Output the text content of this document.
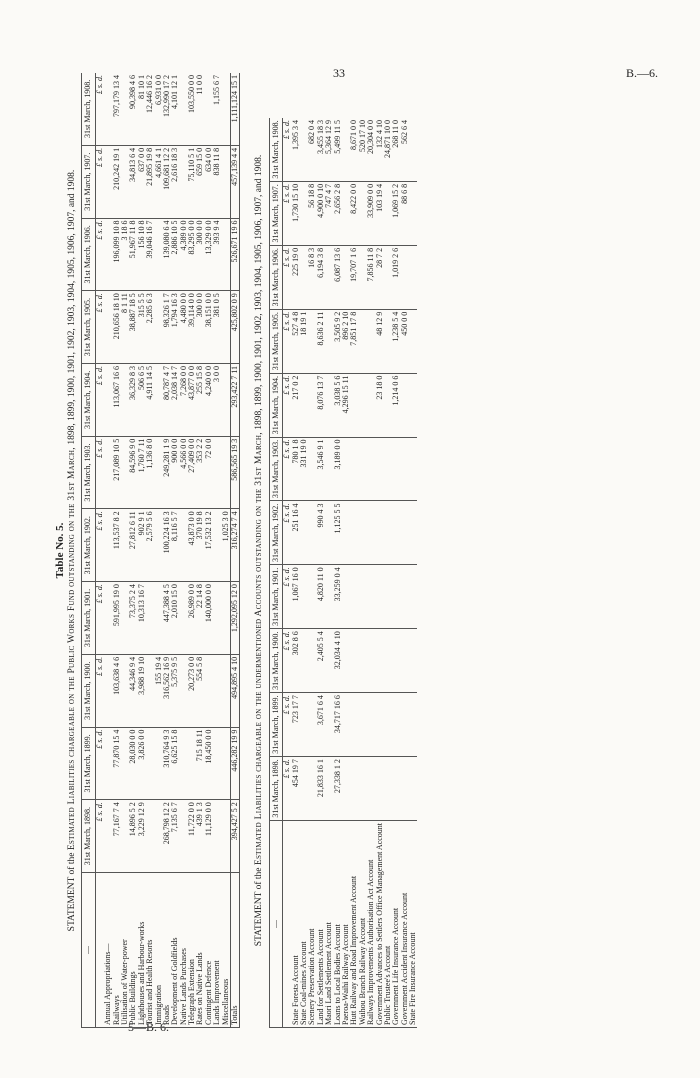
33	B.—6.
5—B. 6.
Table No. 5.
STATEMENT of the Estimated Liabilities chargeable on the Public Works Fund outstanding on the 31st March, 1898, 1899, 1900, 1901, 1902, 1903, 1904, 1905, 1906, 1907, and 1908.
—	31st March, 1898.	31st March, 1899.	31st March, 1900.	31st March, 1901.	31st March, 1902.	31st March, 1903.	31st March, 1904.	31st March, 1905.	31st March, 1906.	31st March, 1907.	31st March, 1908.
	£ s. d.	£ s. d.	£ s. d.	£ s. d.	£ s. d.	£ s. d.	£ s. d.	£ s. d.	£ s. d.	£ s. d.	£ s. d.
Annual Appropriations—											
Railways	77,167 7 4	77,870 15 4	103,638 4 6	591,995 19 0	113,537 8 2	217,089 10 5	113,067 16 6	210,656 18 10	196,099 10 8	210,242 19 1	797,179 13 4
Utilisation of Water-power								8 1 11	3 18 6		
Public Buildings	14,896 5 2	28,030 0 0	44,346 9 4	73,375 2 4	27,812 6 11	84,596 9 0	36,329 8 3	38,887 18 5	51,967 11 8	34,813 6 4	90,398 4 6
Lighthouses and Harbour-works	3,229 12 9	3,826 0 0	3,988 19 10	10,313 16 7	902 9 1	1,760 7 11	506 6 5	315 5 5	156 10 8	637 0 0	81 10 1
Tourist and Health Resorts					2,579 5 6	1,136 8 0	4,911 14 5	2,285 6 3	39,046 16 7	21,895 19 8	12,446 16 2
Immigration			155 19 4							4,661 4 1	6,931 0 0
Roads	268,798 12 2	310,764 9 3	316,562 16 9	447,388 4 5	100,224 16 3	249,281 1 9	80,787 4 7	98,326 1 7	139,080 6 4	109,681 12 2	132,990 17 2
Development of Goldfields	7,135 6 7	6,625 15 8	5,375 9 5	2,010 15 0	8,116 5 7	900 0 0	2,038 14 7	1,794 16 3	2,886 10 5	2,616 18 3	4,101 12 1
Native Lands Purchases						4,566 0 0	7,268 0 0	4,480 0 0	4,389 0 0		
Telegraph Extension	11,722 0 0		20,273 0 0	26,989 0 0	43,873 0 0	27,409 0 0	43,877 0 0	39,114 0 0	83,295 0 0	75,110 5 1	103,550 0 0
Rates on Native Lands	439 1 3	715 18 11	554 5 8	22 14 8	370 19 8	353 2 2	255 15 8	300 0 0	300 0 0	659 15 0	11 0 0
Contingent Defence	11,129 0 0	18,450 0 0		140,000 0 0	17,532 13 2	72 0 0	4,240 0 0	38,151 0 0	13,329 0 0	634 0 0	
Lands Improvement							3 0 0	381 0 5	393 9 4	838 11 8	1,155 6 7
Miscellaneous					1,025 3 0						
Totals	394,427 5 2	446,282 19 9	494,895 4 10	1,292,095 12 0	316,274 7 4	586,565 19 3	293,422 7 11	425,802 0 9	526,671 19 6	457,139 4 4	1,111,124 15 1
STATEMENT of the Estimated Liabilities chargeable on the undermentioned Accounts outstanding on the 31st March, 1898, 1899, 1900, 1901, 1902, 1903, 1904, 1905, 1906, 1907, and 1908.
—	31st March, 1898.	31st March, 1899.	31st March, 1900.	31st March, 1901.	31st March, 1902.	31st March, 1903.	31st March, 1904.	31st March, 1905.	31st March, 1906.	31st March, 1907.	31st March, 1908.
	£ s. d.	£ s. d.	£ s. d.	£ s. d.	£ s. d.	£ s. d.	£ s. d.	£ s. d.	£ s. d.	£ s. d.	£ s. d.
State Forests Account	454 19 7	723 17 7	302 8 6	1,067 16 0	251 16 4	780 1 8	217 0 2	527 4 8	225 19 0	1,730 15 10	1,395 3 4
State Coal-mines Account						331 19 0		18 19 1			
Scenery Preservation Account									16 8 3	56 18 8	682 0 4
Land for Settlements Account	21,833 16 1	3,671 6 4	2,405 5 4	4,820 11 0	990 4 3	3,546 9 1	8,076 13 7	8,636 2 11	6,194 3 8	4,900 0 10	3,455 18 3
Maori Land Settlement Account										747 4 7	5,364 12 9
Loans to Local Bodies Account	27,338 1 2	34,717 16 6	32,034 4 10	33,259 0 4	1,125 5 5	3,189 0 0	3,038 5 6	3,505 9 2	6,087 13 6	2,656 2 8	5,499 11 5
Paeroa-Waihi Railway Account							4,296 15 11	896 2 10			
Hutt Railway and Road Improvement Account								7,851 17 8	19,707 1 6	8,422 0 0	8,671 0 0
Waihou Branch Railway Account											520 17 10
Railways Improvements Authorisation Act Account									7,856 11 8	33,909 0 0	20,304 0 0
Government Advances to Settlers Office Management Account							23 18 0	48 12 9	28 7 2	103 19 4	132 4 10
Public Trustee's Account											24,871 10 0
Government Life Insurance Account							1,214 0 6	1,238 5 4	1,019 2 6	1,069 15 2	268 11 0
Government Accident Insurance Account								450 0 0		88 6 8	562 6 4
State Fire Insurance Account											
